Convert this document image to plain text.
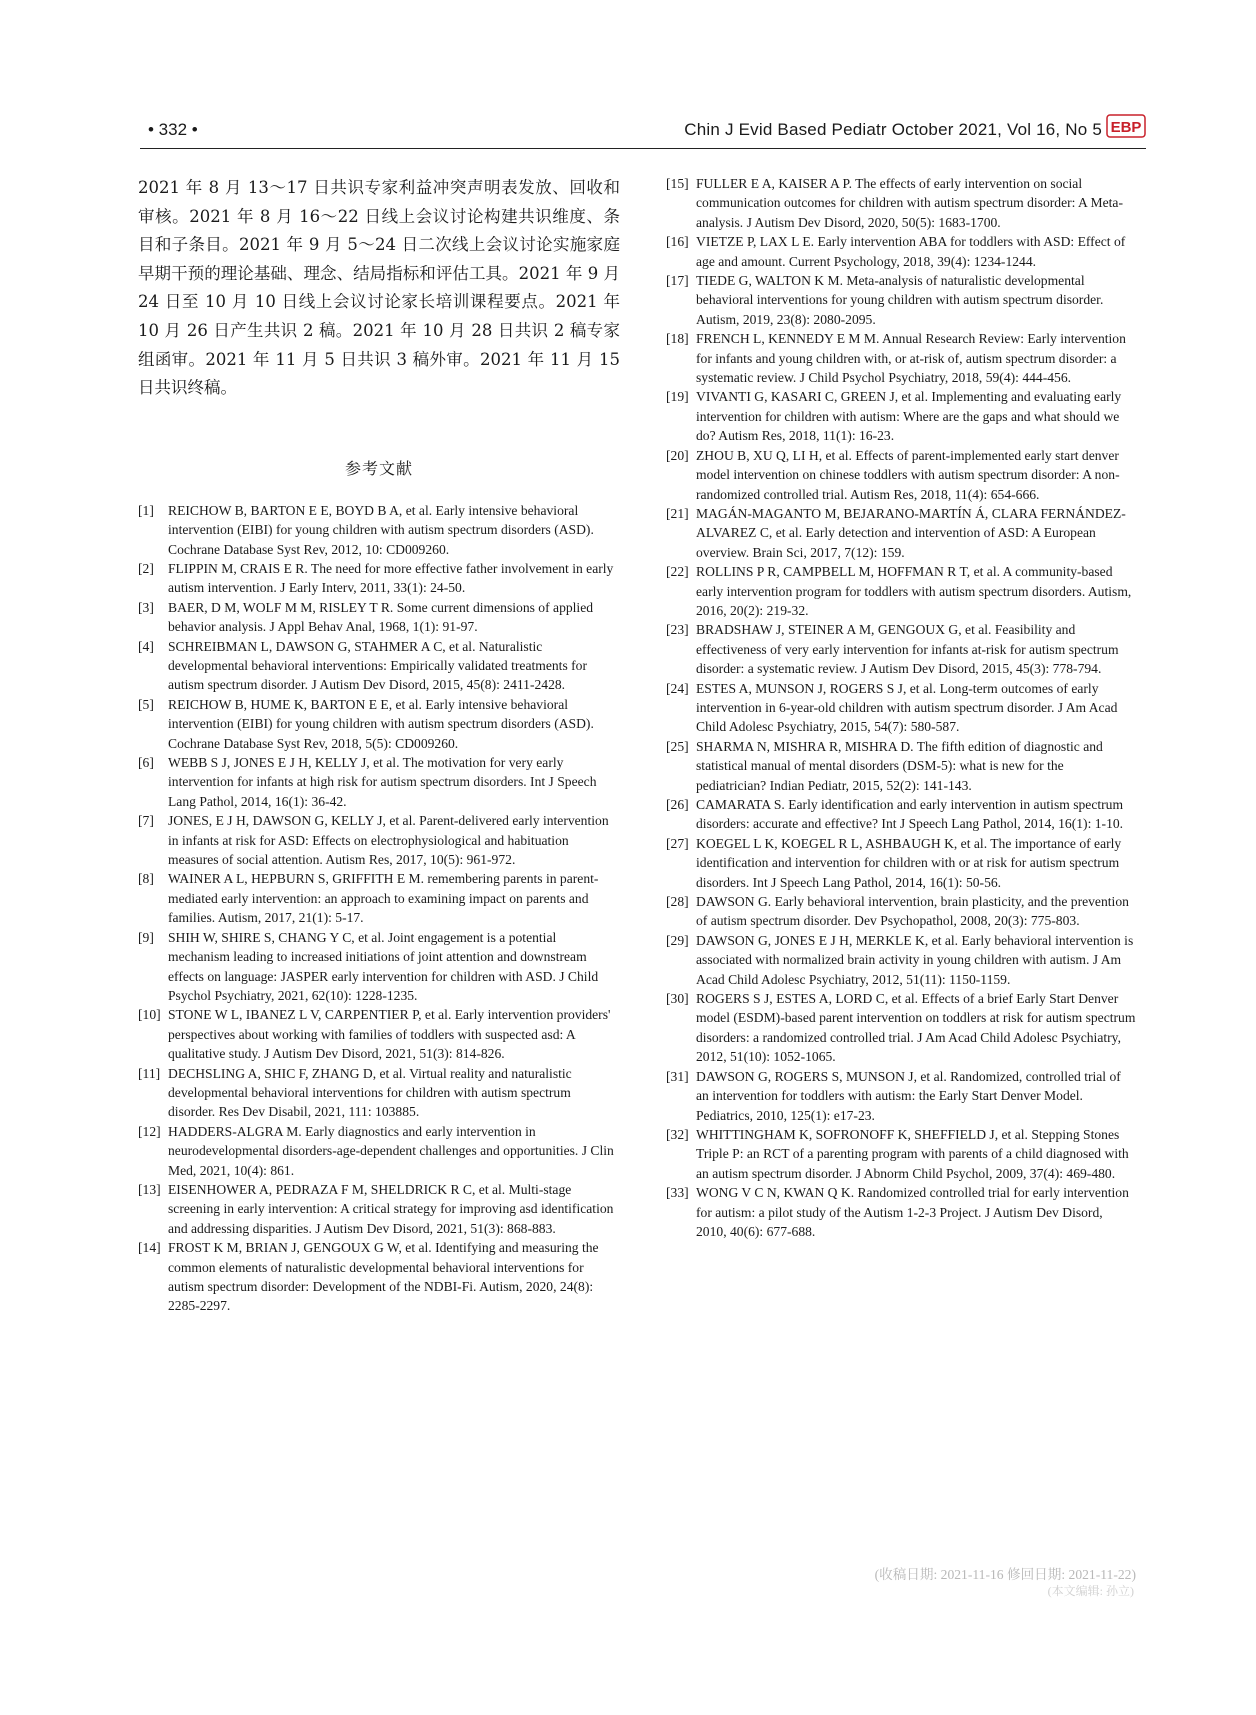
• 332 •	Chin J Evid Based Pediatr October 2021, Vol 16, No 5 EBP

2021 年 8 月 13～17 日共识专家利益冲突声明表发放、回收和审核。2021 年 8 月 16～22 日线上会议讨论构建共识维度、条目和子条目。2021 年 9 月 5～24 日二次线上会议讨论实施家庭早期干预的理论基础、理念、结局指标和评估工具。2021 年 9 月 24 日至 10 月 10 日线上会议讨论家长培训课程要点。2021 年 10 月 26 日产生共识 2 稿。2021 年 10 月 28 日共识 2 稿专家组函审。2021 年 11 月 5 日共识 3 稿外审。2021 年 11 月 15 日共识终稿。

参考文献
[1]	REICHOW B, BARTON E E, BOYD B A, et al. Early intensive behavioral intervention (EIBI) for young children with autism spectrum disorders (ASD). Cochrane Database Syst Rev, 2012, 10: CD009260.
[2]	FLIPPIN M, CRAIS E R. The need for more effective father involvement in early autism intervention. J Early Interv, 2011, 33(1): 24-50.
[3]	BAER, D M, WOLF M M, RISLEY T R. Some current dimensions of applied behavior analysis. J Appl Behav Anal, 1968, 1(1): 91-97.
[4]	SCHREIBMAN L, DAWSON G, STAHMER A C, et al. Naturalistic developmental behavioral interventions: Empirically validated treatments for autism spectrum disorder. J Autism Dev Disord, 2015, 45(8): 2411-2428.
[5]	REICHOW B, HUME K, BARTON E E, et al. Early intensive behavioral intervention (EIBI) for young children with autism spectrum disorders (ASD). Cochrane Database Syst Rev, 2018, 5(5): CD009260.
[6]	WEBB S J, JONES E J H, KELLY J, et al. The motivation for very early intervention for infants at high risk for autism spectrum disorders. Int J Speech Lang Pathol, 2014, 16(1): 36-42.
[7]	JONES, E J H, DAWSON G, KELLY J, et al. Parent-delivered early intervention in infants at risk for ASD: Effects on electrophysiological and habituation measures of social attention. Autism Res, 2017, 10(5): 961-972.
[8]	WAINER A L, HEPBURN S, GRIFFITH E M. remembering parents in parent-mediated early intervention: an approach to examining impact on parents and families. Autism, 2017, 21(1): 5-17.
[9]	SHIH W, SHIRE S, CHANG Y C, et al. Joint engagement is a potential mechanism leading to increased initiations of joint attention and downstream effects on language: JASPER early intervention for children with ASD. J Child Psychol Psychiatry, 2021, 62(10): 1228-1235.
[10] STONE W L, IBANEZ L V, CARPENTIER P, et al. Early intervention providers' perspectives about working with families of toddlers with suspected asd: A qualitative study. J Autism Dev Disord, 2021, 51(3): 814-826.
[11] DECHSLING A, SHIC F, ZHANG D, et al. Virtual reality and naturalistic developmental behavioral interventions for children with autism spectrum disorder. Res Dev Disabil, 2021, 111: 103885.
[12] HADDERS-ALGRA M. Early diagnostics and early intervention in neurodevelopmental disorders-age-dependent challenges and opportunities. J Clin Med, 2021, 10(4): 861.
[13] EISENHOWER A, PEDRAZA F M, SHELDRICK R C, et al. Multi-stage screening in early intervention: A critical strategy for improving asd identification and addressing disparities. J Autism Dev Disord, 2021, 51(3): 868-883.
[14] FROST K M, BRIAN J, GENGOUX G W, et al. Identifying and measuring the common elements of naturalistic developmental behavioral interventions for autism spectrum disorder: Development of the NDBI-Fi. Autism, 2020, 24(8): 2285-2297.
[15] FULLER E A, KAISER A P. The effects of early intervention on social communication outcomes for children with autism spectrum disorder: A Meta-analysis. J Autism Dev Disord, 2020, 50(5): 1683-1700.
[16] VIETZE P, LAX L E. Early intervention ABA for toddlers with ASD: Effect of age and amount. Current Psychology, 2018, 39(4): 1234-1244.
[17] TIEDE G, WALTON K M. Meta-analysis of naturalistic developmental behavioral interventions for young children with autism spectrum disorder. Autism, 2019, 23(8): 2080-2095.
[18] FRENCH L, KENNEDY E M M. Annual Research Review: Early intervention for infants and young children with, or at-risk of, autism spectrum disorder: a systematic review. J Child Psychol Psychiatry, 2018, 59(4): 444-456.
[19] VIVANTI G, KASARI C, GREEN J, et al. Implementing and evaluating early intervention for children with autism: Where are the gaps and what should we do? Autism Res, 2018, 11(1): 16-23.
[20] ZHOU B, XU Q, LI H, et al. Effects of parent-implemented early start denver model intervention on chinese toddlers with autism spectrum disorder: A non-randomized controlled trial. Autism Res, 2018, 11(4): 654-666.
[21] MAGÁN-MAGANTO M, BEJARANO-MARTÍN Á, CLARA FERNÁNDEZ-ALVAREZ C, et al. Early detection and intervention of ASD: A European overview. Brain Sci, 2017, 7(12): 159.
[22] ROLLINS P R, CAMPBELL M, HOFFMAN R T, et al. A community-based early intervention program for toddlers with autism spectrum disorders. Autism, 2016, 20(2): 219-32.
[23] BRADSHAW J, STEINER A M, GENGOUX G, et al. Feasibility and effectiveness of very early intervention for infants at-risk for autism spectrum disorder: a systematic review. J Autism Dev Disord, 2015, 45(3): 778-794.
[24] ESTES A, MUNSON J, ROGERS S J, et al. Long-term outcomes of early intervention in 6-year-old children with autism spectrum disorder. J Am Acad Child Adolesc Psychiatry, 2015, 54(7): 580-587.
[25] SHARMA N, MISHRA R, MISHRA D. The fifth edition of diagnostic and statistical manual of mental disorders (DSM-5): what is new for the pediatrician? Indian Pediatr, 2015, 52(2): 141-143.
[26] CAMARATA S. Early identification and early intervention in autism spectrum disorders: accurate and effective? Int J Speech Lang Pathol, 2014, 16(1): 1-10.
[27] KOEGEL L K, KOEGEL R L, ASHBAUGH K, et al. The importance of early identification and intervention for children with or at risk for autism spectrum disorders. Int J Speech Lang Pathol, 2014, 16(1): 50-56.
[28] DAWSON G. Early behavioral intervention, brain plasticity, and the prevention of autism spectrum disorder. Dev Psychopathol, 2008, 20(3): 775-803.
[29] DAWSON G, JONES E J H, MERKLE K, et al. Early behavioral intervention is associated with normalized brain activity in young children with autism. J Am Acad Child Adolesc Psychiatry, 2012, 51(11): 1150-1159.
[30] ROGERS S J, ESTES A, LORD C, et al. Effects of a brief Early Start Denver model (ESDM)-based parent intervention on toddlers at risk for autism spectrum disorders: a randomized controlled trial. J Am Acad Child Adolesc Psychiatry, 2012, 51(10): 1052-1065.
[31] DAWSON G, ROGERS S, MUNSON J, et al. Randomized, controlled trial of an intervention for toddlers with autism: the Early Start Denver Model. Pediatrics, 2010, 125(1): e17-23.
[32] WHITTINGHAM K, SOFRONOFF K, SHEFFIELD J, et al. Stepping Stones Triple P: an RCT of a parenting program with parents of a child diagnosed with an autism spectrum disorder. J Abnorm Child Psychol, 2009, 37(4): 469-480.
[33] WONG V C N, KWAN Q K. Randomized controlled trial for early intervention for autism: a pilot study of the Autism 1-2-3 Project. J Autism Dev Disord, 2010, 40(6): 677-688.
(收稿日期: 2021-11-16 修回日期: 2021-11-22)
(本文编辑: 孙立)
